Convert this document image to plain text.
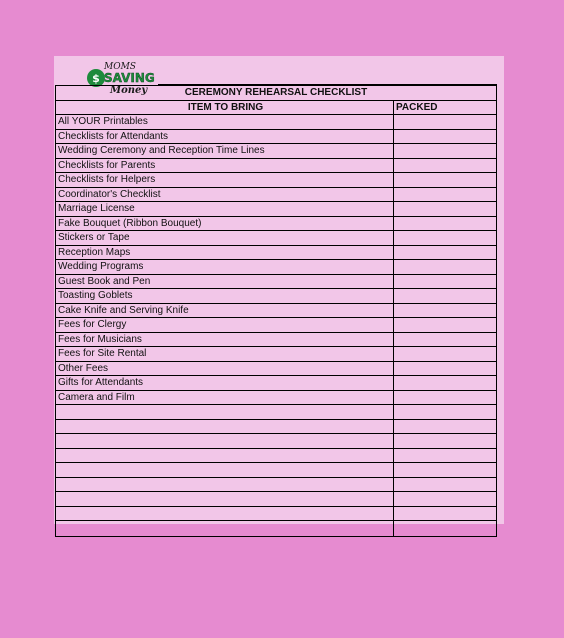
MOMS
$ SAVING
Money	CEREMONY REHEARSAL CHECKLIST
ITEM TO BRING	PACKED
All YOUR Printables
Checklists for Attendants
Wedding Ceremony and Reception Time Lines
Checklists for Parents
Checklists for Helpers
Coordinator's Checklist
Marriage License
Fake Bouquet (Ribbon Bouquet)
Stickers or Tape
Reception Maps
Wedding Programs
Guest Book and Pen
Toasting Goblets
Cake Knife and Serving Knife
Fees for Clergy
Fees for Musicians
Fees for Site Rental
Other Fees
Gifts for Attendants
Camera and Film
